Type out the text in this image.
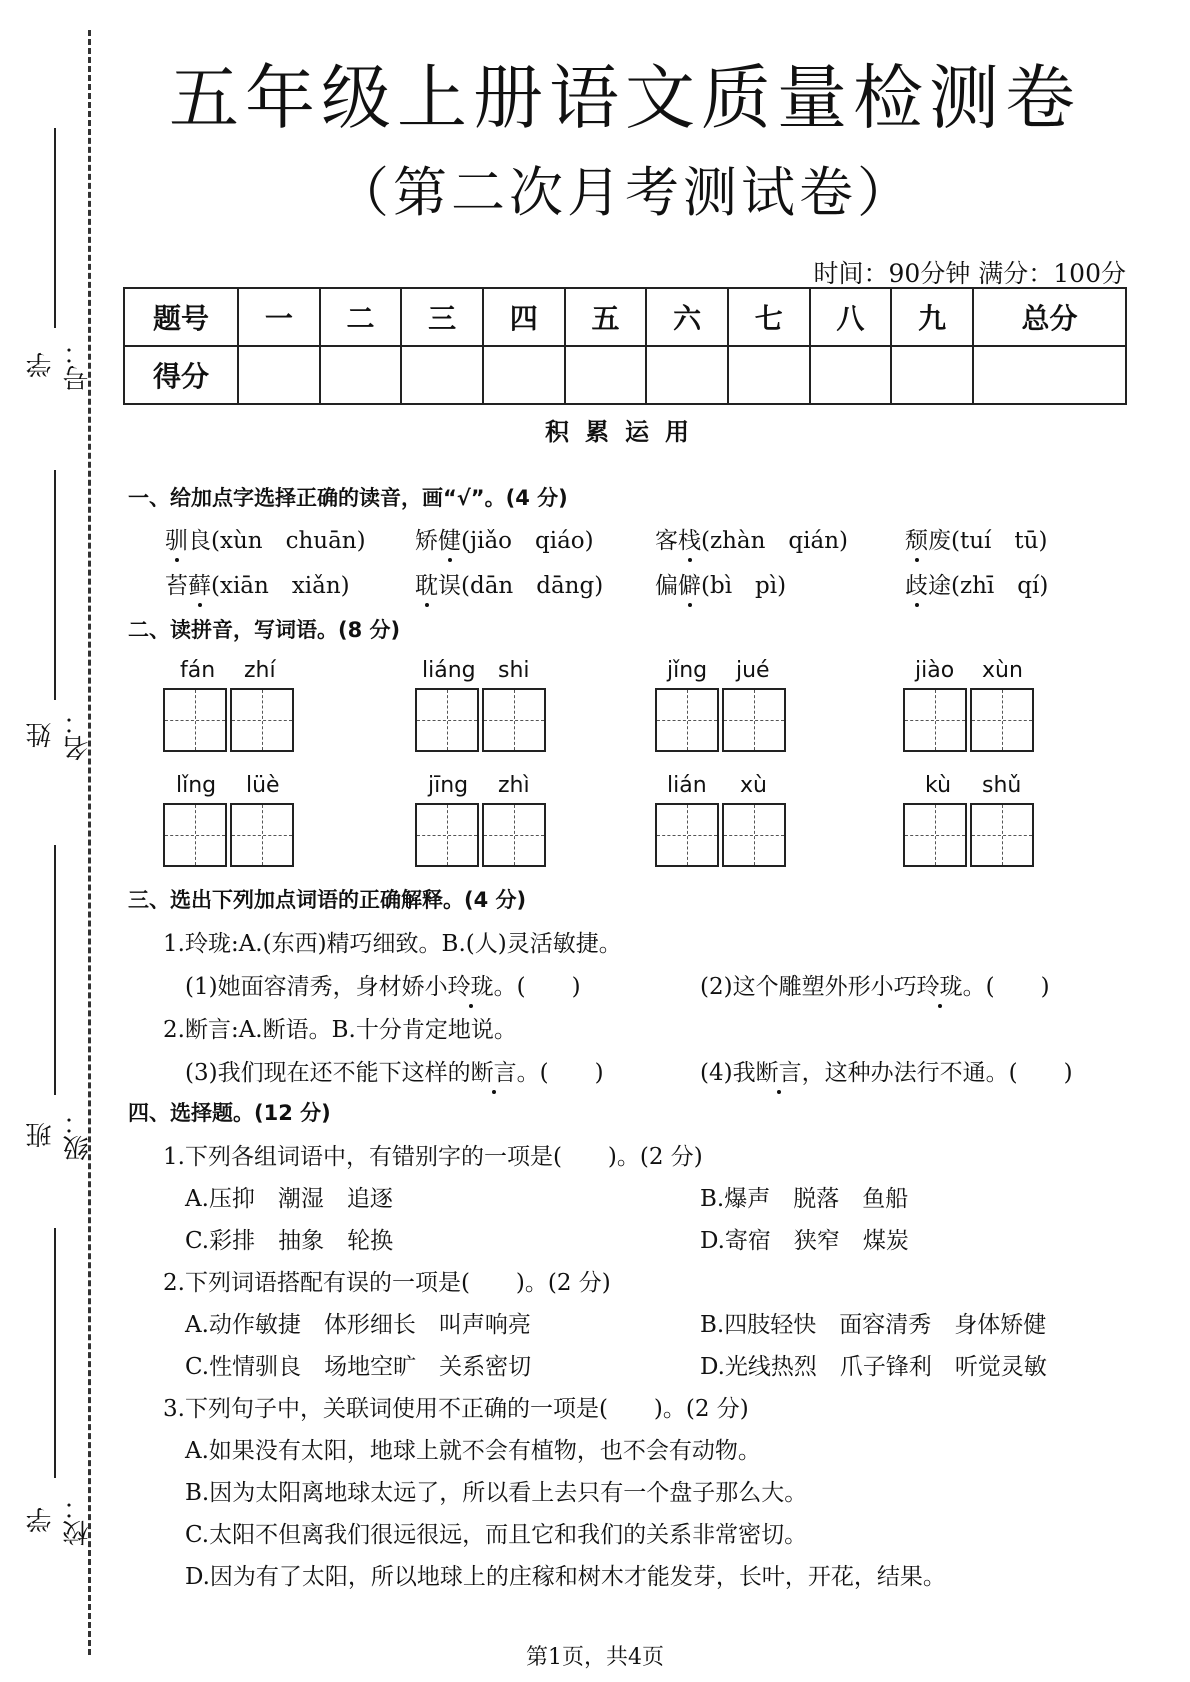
学号：
姓名：
班级：
学校：
五年级上册语文质量检测卷
（第二次月考测试卷）
时间：90分钟 满分：100分
题号	一	二	三	四	五	六	七	八	九	总分
得分										
积累运用
一、给加点字选择正确的读音，画“√”。(4 分)
驯良(xùn　chuān) 矫健(jiǎo　qiáo)	客栈(zhàn　qián) 颓废(tuí　tū)
苔藓(xiān　xiǎn)	耽误(dān　dāng) 偏僻(bì　pì)	歧途(zhī　qí)
二、读拼音，写词语。(8 分)
fán zhí	liáng shi	jǐng jué	jiào xùn
lǐng lüè	jīng zhì	lián xù	kù shǔ
三、选出下列加点词语的正确解释。(4 分)
1.玲珑:A.(东西)精巧细致。B.(人)灵活敏捷。
(1)她面容清秀，身材娇小玲珑。(　　)	(2)这个雕塑外形小巧玲珑。(　　)
2.断言:A.断语。B.十分肯定地说。
(3)我们现在还不能下这样的断言。(　　)	(4)我断言，这种办法行不通。(　　)
四、选择题。(12 分)
1.下列各组词语中，有错别字的一项是(　　)。(2 分)
A.压抑　潮湿　追逐	B.爆声　脱落　鱼船
C.彩排　抽象　轮换	D.寄宿　狭窄　煤炭
2.下列词语搭配有误的一项是(　　)。(2 分)
A.动作敏捷　体形细长　叫声响亮	B.四肢轻快　面容清秀　身体矫健
C.性情驯良　场地空旷　关系密切	D.光线热烈　爪子锋利　听觉灵敏
3.下列句子中，关联词使用不正确的一项是(　　)。(2 分)
A.如果没有太阳，地球上就不会有植物，也不会有动物。
B.因为太阳离地球太远了，所以看上去只有一个盘子那么大。
C.太阳不但离我们很远很远，而且它和我们的关系非常密切。
D.因为有了太阳，所以地球上的庄稼和树木才能发芽，长叶，开花，结果。
第1页，共4页
